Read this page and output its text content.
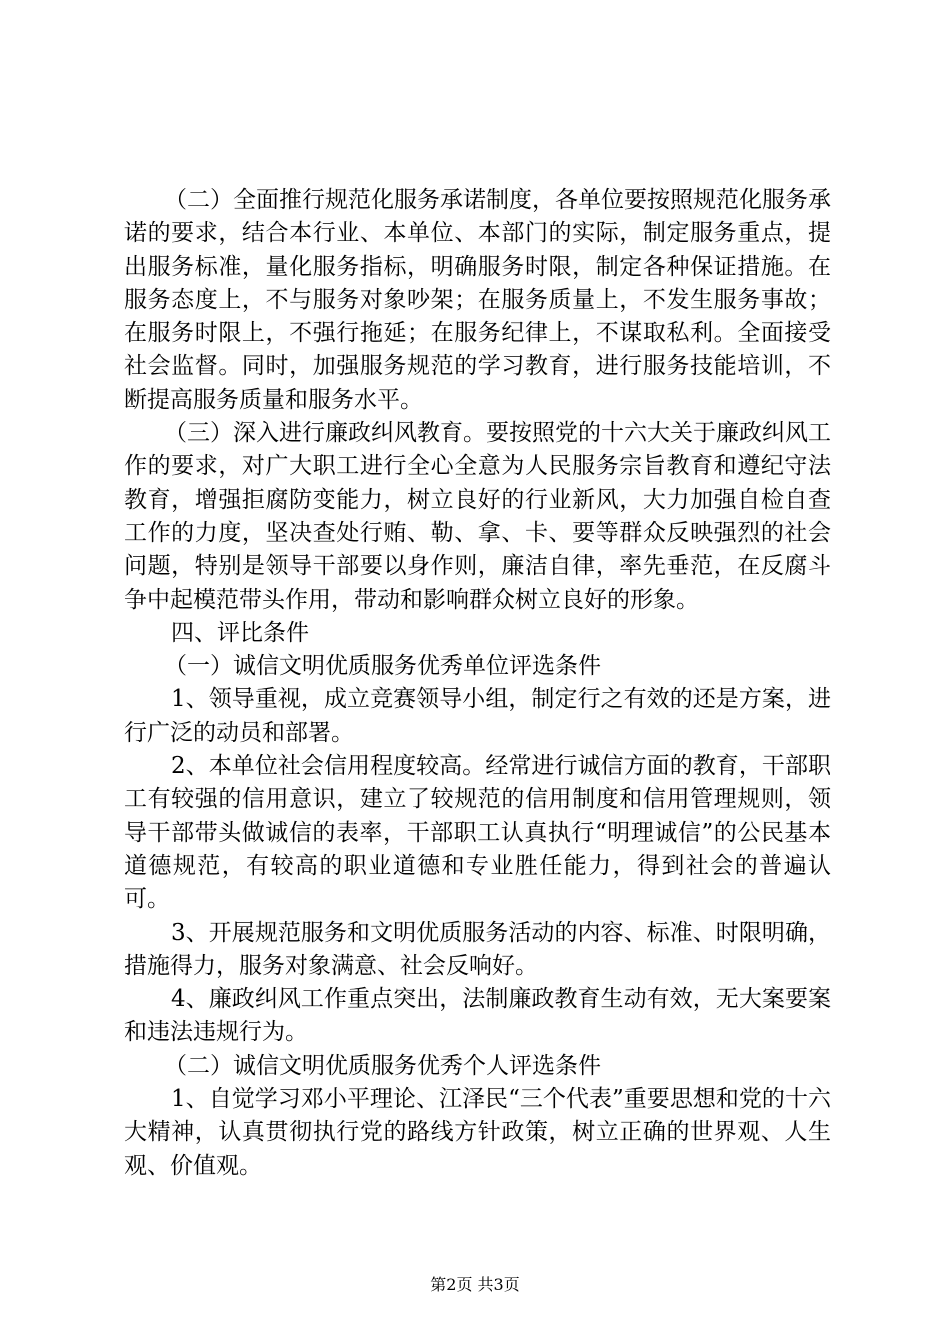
（二）全面推行规范化服务承诺制度，各单位要按照规范化服务承诺的要求，结合本行业、本单位、本部门的实际，制定服务重点，提出服务标准，量化服务指标，明确服务时限，制定各种保证措施。在服务态度上，不与服务对象吵架；在服务质量上，不发生服务事故；在服务时限上，不强行拖延；在服务纪律上，不谋取私利。全面接受社会监督。同时，加强服务规范的学习教育，进行服务技能培训，不断提高服务质量和服务水平。

（三）深入进行廉政纠风教育。要按照党的十六大关于廉政纠风工作的要求，对广大职工进行全心全意为人民服务宗旨教育和遵纪守法教育，增强拒腐防变能力，树立良好的行业新风，大力加强自检自查工作的力度，坚决查处行贿、勒、拿、卡、要等群众反映强烈的社会问题，特别是领导干部要以身作则，廉洁自律，率先垂范，在反腐斗争中起模范带头作用，带动和影响群众树立良好的形象。

四、评比条件

（一）诚信文明优质服务优秀单位评选条件

1、领导重视，成立竞赛领导小组，制定行之有效的还是方案，进行广泛的动员和部署。

2、本单位社会信用程度较高。经常进行诚信方面的教育，干部职工有较强的信用意识，建立了较规范的信用制度和信用管理规则，领导干部带头做诚信的表率，干部职工认真执行“明理诚信”的公民基本道德规范，有较高的职业道德和专业胜任能力，得到社会的普遍认可。

3、开展规范服务和文明优质服务活动的内容、标准、时限明确，措施得力，服务对象满意、社会反响好。

4、廉政纠风工作重点突出，法制廉政教育生动有效，无大案要案和违法违规行为。

（二）诚信文明优质服务优秀个人评选条件

1、自觉学习邓小平理论、江泽民“三个代表”重要思想和党的十六大精神，认真贯彻执行党的路线方针政策，树立正确的世界观、人生观、价值观。

第2页 共3页
